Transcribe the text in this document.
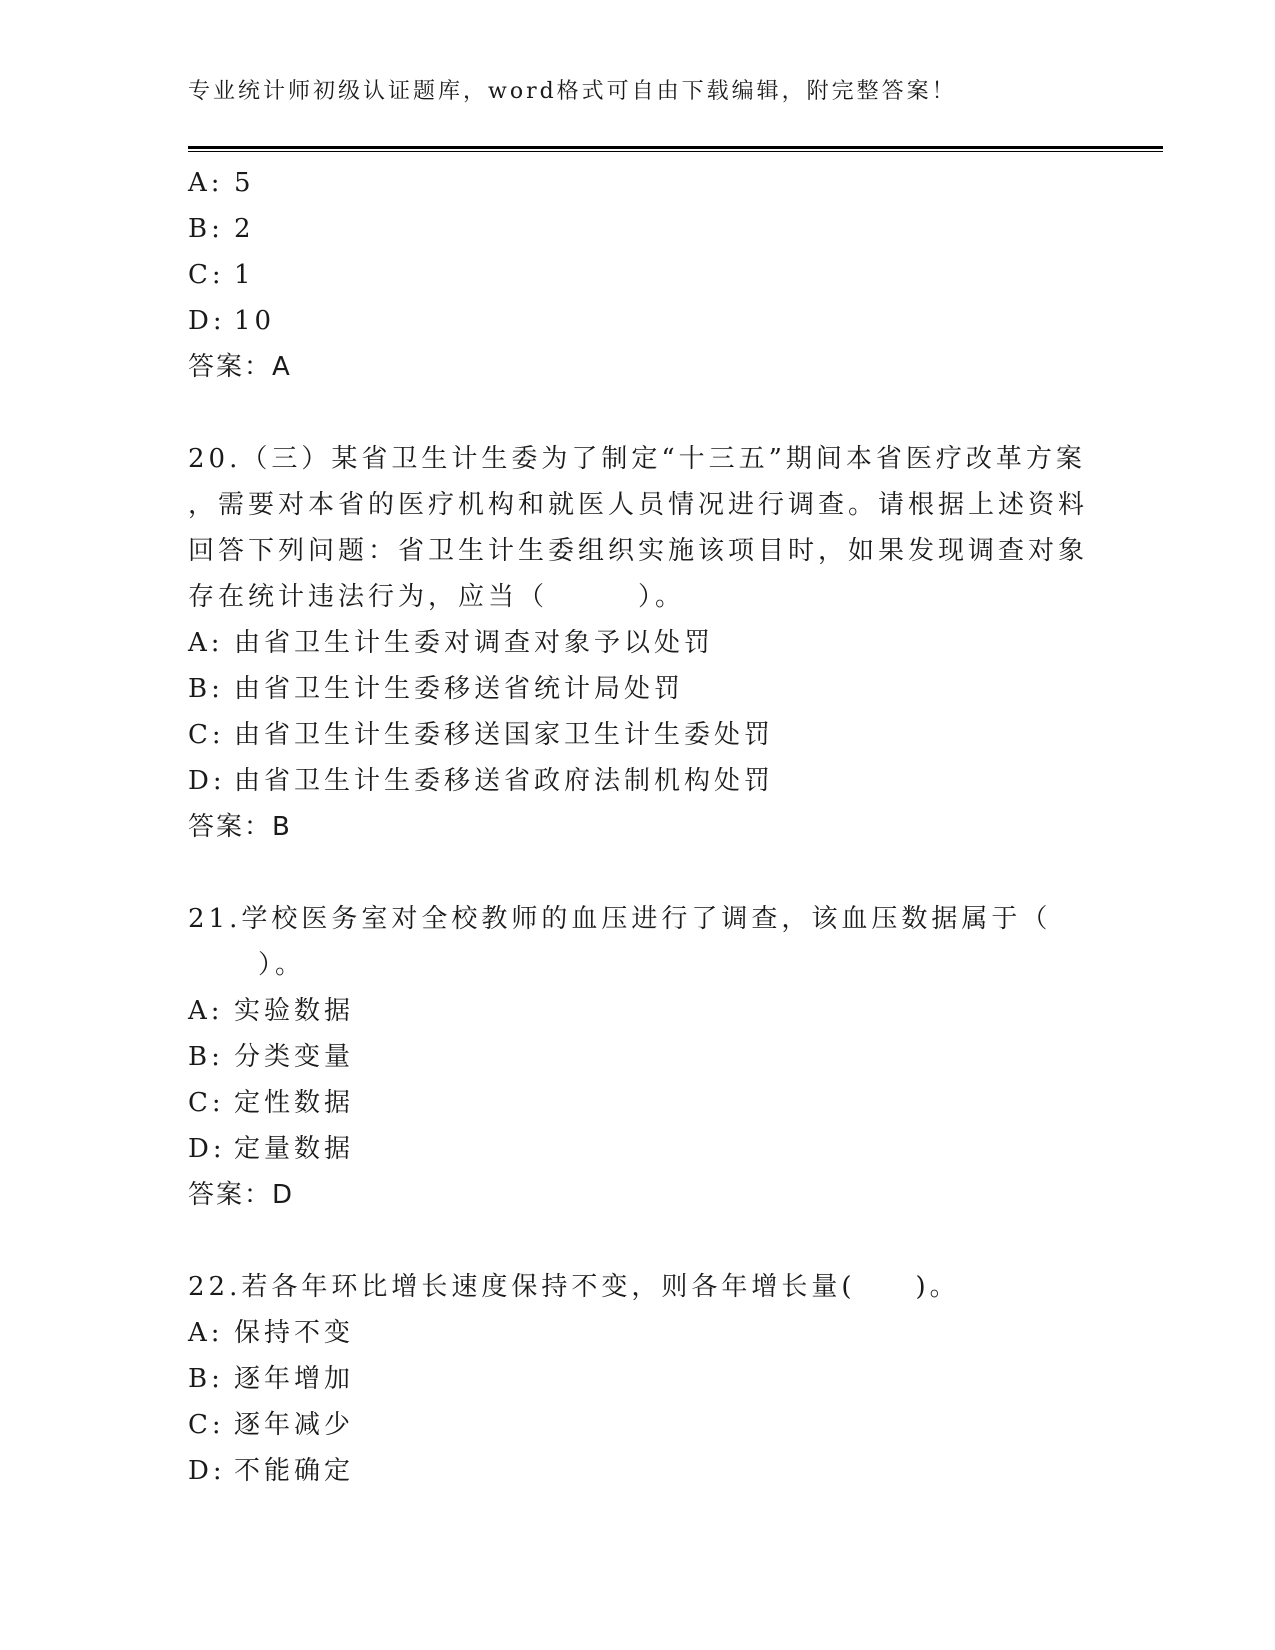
专业统计师初级认证题库，word格式可自由下载编辑，附完整答案！
A: 5
B: 2
C: 1
D: 10
答案：A
20.（三）某省卫生计生委为了制定“十三五”期间本省医疗改革方案
，需要对本省的医疗机构和就医人员情况进行调查。请根据上述资料
回答下列问题：省卫生计生委组织实施该项目时，如果发现调查对象
存在统计违法行为，应当（　　　）。
A: 由省卫生计生委对调查对象予以处罚
B: 由省卫生计生委移送省统计局处罚
C: 由省卫生计生委移送国家卫生计生委处罚
D: 由省卫生计生委移送省政府法制机构处罚
答案：B
21.学校医务室对全校教师的血压进行了调查，该血压数据属于（
）。
A: 实验数据
B: 分类变量
C: 定性数据
D: 定量数据
答案：D
22.若各年环比增长速度保持不变，则各年增长量(　　)。
A: 保持不变
B: 逐年增加
C: 逐年减少
D: 不能确定
